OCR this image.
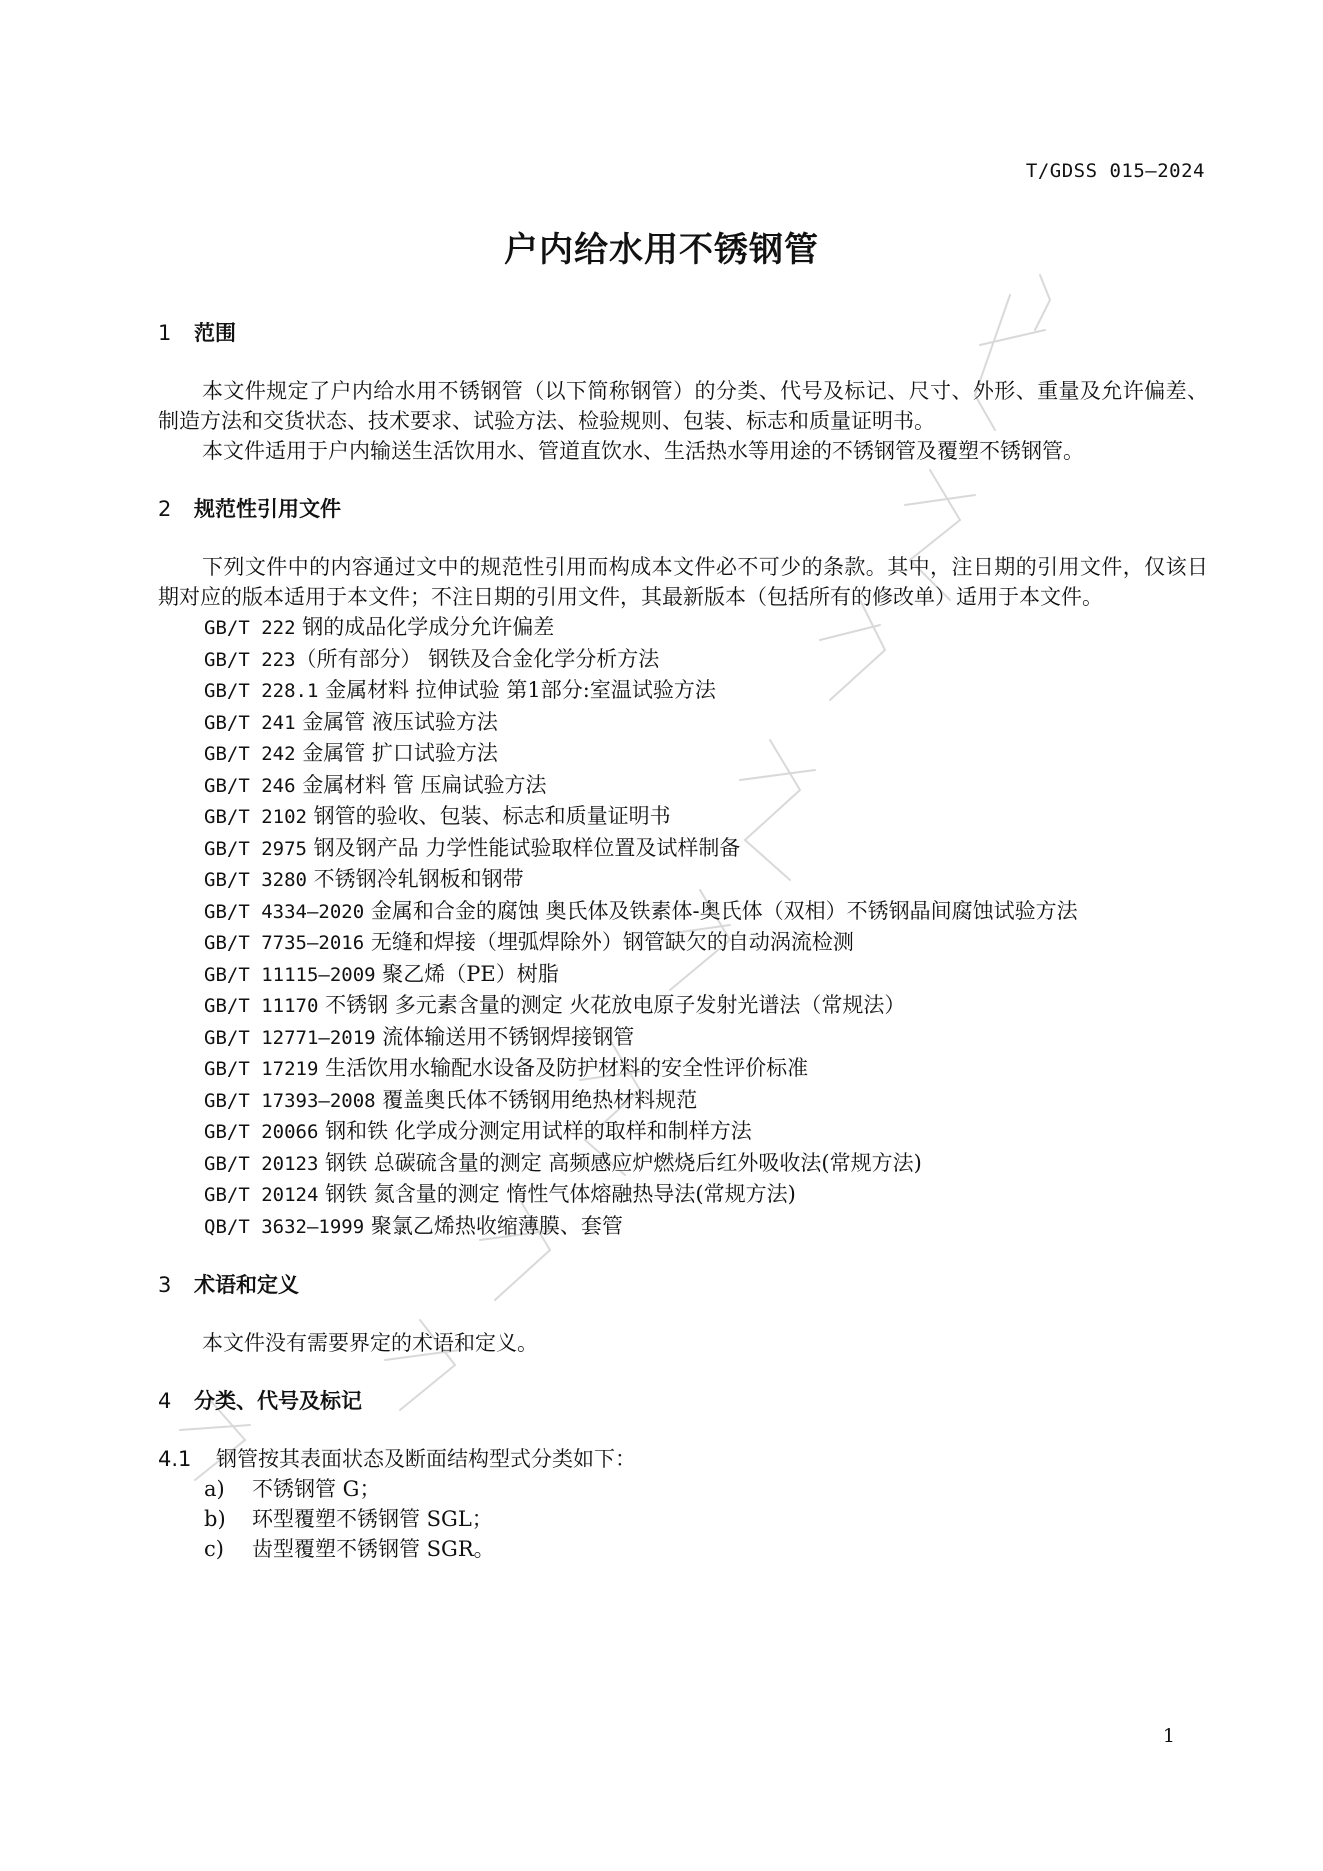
T/GDSS 015—2024
户内给水用不锈钢管
1	范围

本文件规定了户内给水用不锈钢管（以下简称钢管）的分类、代号及标记、尺寸、外形、重量及允许偏差、制造方法和交货状态、技术要求、试验方法、检验规则、包装、标志和质量证明书。

本文件适用于户内输送生活饮用水、管道直饮水、生活热水等用途的不锈钢管及覆塑不锈钢管。

2	规范性引用文件

下列文件中的内容通过文中的规范性引用而构成本文件必不可少的条款。其中，注日期的引用文件，仅该日期对应的版本适用于本文件；不注日期的引用文件，其最新版本（包括所有的修改单）适用于本文件。

GB/T 222 钢的成品化学成分允许偏差
GB/T 223（所有部分） 钢铁及合金化学分析方法
GB/T 228.1 金属材料 拉伸试验 第1部分:室温试验方法
GB/T 241 金属管 液压试验方法
GB/T 242 金属管 扩口试验方法
GB/T 246 金属材料 管 压扁试验方法
GB/T 2102 钢管的验收、包装、标志和质量证明书
GB/T 2975 钢及钢产品 力学性能试验取样位置及试样制备
GB/T 3280 不锈钢冷轧钢板和钢带
GB/T 4334—2020 金属和合金的腐蚀 奥氏体及铁素体-奥氏体（双相）不锈钢晶间腐蚀试验方法
GB/T 7735—2016 无缝和焊接（埋弧焊除外）钢管缺欠的自动涡流检测
GB/T 11115—2009 聚乙烯（PE）树脂
GB/T 11170 不锈钢 多元素含量的测定 火花放电原子发射光谱法（常规法）
GB/T 12771—2019 流体输送用不锈钢焊接钢管
GB/T 17219 生活饮用水输配水设备及防护材料的安全性评价标准
GB/T 17393—2008 覆盖奥氏体不锈钢用绝热材料规范
GB/T 20066 钢和铁 化学成分测定用试样的取样和制样方法
GB/T 20123 钢铁 总碳硫含量的测定 高频感应炉燃烧后红外吸收法(常规方法)
GB/T 20124 钢铁 氮含量的测定 惰性气体熔融热导法(常规方法)
QB/T 3632—1999 聚氯乙烯热收缩薄膜、套管
3	术语和定义

本文件没有需要界定的术语和定义。

4	分类、代号及标记
4.1	钢管按其表面状态及断面结构型式分类如下：
a)	不锈钢管 G；
b)	环型覆塑不锈钢管 SGL；
c)	齿型覆塑不锈钢管 SGR。
1
